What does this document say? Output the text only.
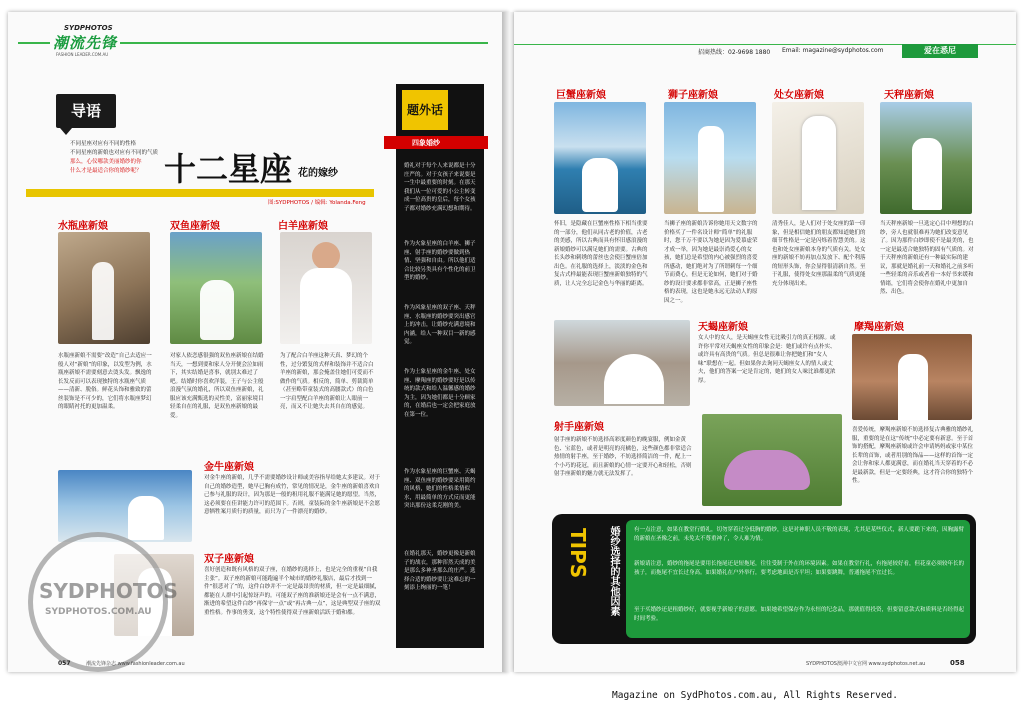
SYDPHOTOS
潮流先锋
FASHION LEADER.COM.AU
导语
不同星座对应有不同的性格
不同星座的新娘也对应有不同的气质
那么，心仪哪款美丽婚纱的你
什么才是最适合你的婚纱呢？ 十二星座 花的嫁纱
图:SYDPHOTOS / 编辑: Yolanda.Feng
水瓶座新娘	双鱼座新娘	白羊座新娘
水瓶座新娘不需要“改造”自己去适应一般人对“新娘”的印象，以发型为例，水瓶座新娘不需要刻意去烫头发。飘逸的长发反而可以表现独特的水瓶座气质——清新、脱俗。鲜花头饰和雅致的蕾丝装饰是不可少的，它们将水瓶座梦幻的眼睛衬托的更加温柔。
对家人依恋感很强的双鱼座新娘在结婚当天，一想到要和家人分开便会泣如雨下，其实结婚是喜事，就别太难过了吧。结婚时你喜欢洋装，王子与公主般浪漫气氛的婚礼，所以双鱼座新娘，礼服应该充满甄选的灵性美，富丽家境目轻柔自在的礼服，是双鱼座新娘的最爱。
为了配合白羊座这种天真、梦幻的个性，过分繁复的式样和装饰并不适合白羊座的新娘，那会掩盖住她们可爱而不做作的气质。相反的，简单、剪裁简单（甚至略带童装式的高腰款式）的白色一字肩型配白羊座的新娘让人眼前一亮，而又不让她失去其自在的感觉。
金牛座新娘
对金牛座的新娘，几乎不需要婚纱设计师或美容指导给她太多建议。对于自己的婚纱造型，她早已胸有成竹，常见的情况是，金牛座的新娘喜欢自己参与礼服的设计，因为那是一般的租用礼服不能满足她的愿望。当然，这必须要在佳讲能力许可的范围下。否则，童装际的金牛座新娘是不会愿意牺牲案月质行的质量，而只为了一件漂亮的婚纱。
双子座新娘
喜好创造和既有风格的双子座，在婚纱的选择上，也是完全的重视“自我主张”。双子座的新娘可能跑遍半个城市的婚纱礼服店，最后才找到一件“很悲对了”的，这件白纱并不一定是最昂贵的材质，但一定是最细腻，都能在人群中引起惊讶声的。可能双子座的准新娘还是会有一点不满意，渐进的希望这件白纱“再保守一点”或“再古典一点”，这是典型双子座的双重性格。作事的勇变，这个特性使得双子座新娘活跃于婚和都。
SYDPHOTOS
SYDPHOTOS.COM.AU
题外话
四象婚纱
婚礼对于每个人来说都是十分庄严的。对于女孩子来说要是一生中最重要的时刻。在那天我们从一位可爱的小公主转变成一位高贵的皇后，每个女孩子都对婚纱充满幻想和期待。
作为火象星座的白羊座、狮子座、射手座的婚纱要做到热情、坚强和自由。所以他们适合比较另类具有个性化的前卫型的婚纱。
作为风象星座的双子座、天秤座、水瓶座的婚纱要突出感官上的冲击，让婚纱充满意境和内涵，给人一种双目一新的感觉。
作为土象星座的金牛座、处女座、摩羯座的婚纱要好是以传统的款式和给人温馨感的婚纱为主，因为她们都是十分顾家的，在婚后也一定会把家庭放在第一位。
作为水象星座的巨蟹座、天蝎座、双鱼座的婚纱要采用简约的风格，她们的性格柔情似水，用最简单的方式反而更能突出那份这柔克刚的美。
在婚礼那天，婚纱更像是新娘子的战衣，那种浑然天成的美是那么多神圣那么的庄严。选择合适的婚纱要让这难忘的一刻添上绚丽的一笔！
057	潮流先锋杂志 www.fashionleader.com.au
招商热线：02-9698 1880 Email: magazine@sydphotos.com	爱在悉尼
巨蟹座新娘	狮子座新娘	处女座新娘	天秤座新娘
怀旧，是隐藏在巨蟹座性格下相当重要的一部分，他们从同古老的价值，古老的美感，所以古典而具有怀旧感浪漫的新娘婚纱可以满足她们的需要。古典的长头纱和刺绣的蕾丝也会使巨蟹座倍加出色。在礼服的选择上，淡淡的金色和复古式样最能表现巨蟹座新娘独特的气质，让人完全忘记金色与华丽的距离。
当狮子座的新娘告诉你她用天文数字的价格买了一件名设计师“简单”的礼服时，您千万不要以为她是因为爱慕虚荣才成一举，因为她是最崇尚爱心的女孩，她们总是希望的内心被强烈的喜爱所感动，她们绝对为了所谓刺每一个细节而费心，但是无论如何，她们对于婚纱的设计要求都非常高，正是狮子座性格的表现，这也是她永远无法动人的原因之一。
清秀佳人，是人们对于处女座的第一印象，但是相信她们的朋友都知道她们的细节性格是一定是闪烁着智慧美的。这也和处女座新娘本身的气质有关。处女座的新娘不妨再加点发放下、配个利落的短形头饰，你会显得很清新自然。至于礼服，使得处女座那温柔的气质更能充分体现出来。
当天秤座新娘一旦选定心目中理想的白纱，旁人也就很难再为她们改变意见了。因为那件白纱即使不是最美的，也一定是最适合她独特的固有气质的。对于天秤座的新娘还有一种最实际的建议，那就是婚礼前一天和婚礼之前多听一些轻柔的音乐或者看一本好书来缓和情绪，它们将会使你在婚礼中更加自然、出色。
天蝎座新娘
女人中的女人，是天蝎座女性无比吸引力的真正根源。或许你平常对天蝎座女性的印象会是：她们或许有点朴实、或许具有高贵的气质。但总是很难让你把她们和“女人味”联想在一起。但如果你去询问天蝎座女人的情人或丈夫，他们的答案一定是肯定的，她们的女人味比谁都更浓厚。
摩羯座新娘
喜爱传统，摩羯座新娘不妨选择复古典雅的婚纱礼服，重要的是在这“传统”中必定要有新意。至于首饰的搭配，摩羯座新娘或许会申请妈妈或家中某位长辈的首饰，或者用别的饰品——这样的首饰一定会让你和家人都更满意，而在婚礼当天穿着的不必是最新款，但是一定要经典，这才符合你的独特个性。
射手座新娘
射手座的新娘不妨选择高彩度颜色的晚宴服，例如金黄色、宝蓝色，或者是明亮的亮橘色，这些颜色都非常适合热情的射手座，至于婚纱，不妨选择简洁的一件，配上一个小巧的花冠，而且新娘的心情一定要开心和轻松，否则射手座新娘的魅力就无法发挥了。
TIPS	婚纱选择的其他因素	有一点注意，如果在教堂行婚礼，切勿穿着过分低胸的婚纱，这是对神职人员不敬的表现，尤其是某些仪式，新人要跪下来的，因胸露臂的新娘在圣像之前，未免太不尊重神了，令人难为情。
新娘请注意，婚纱的拖尾是要用长拖尾还是短拖尾，往往受制于外在的环境因素。如果在教堂行礼，有拖尾较好看，但花童必须较年长的孩子，而拖尾不宜长过身高。如果婚礼在户外举行，要考虑地面是否平坦；如果要跳舞，普通拖尾不宜过长。
至于买婚纱还是租婚纱好，就要视乎新娘子的意愿。如果她希望保存作为永恒的纪念品，那就值得投资，但要留意款式和质料是否经得起时间考验。
SYDPHOTOS澳洲中文官网 www.sydphotos.net.au	058
Magazine on SydPhotos.com.au, All Rights Reserved.
